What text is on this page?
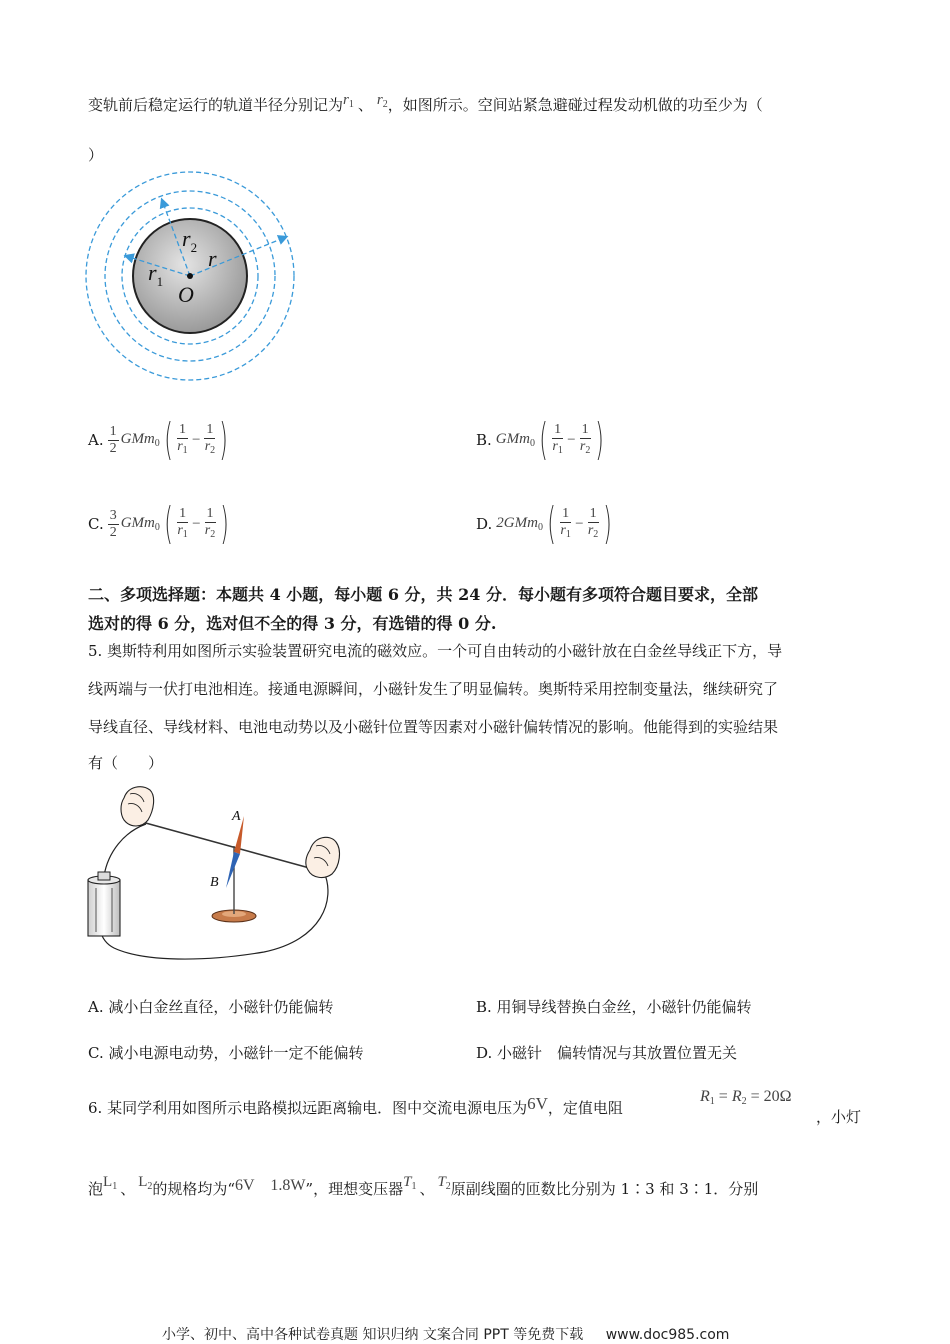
变轨前后稳定运行的轨道半径分别记为$r_1$ 、 $r_2$，如图所示。空间站紧急避碰过程发动机做的功至少为（
）
$r_2$ r
$r_1$
O
A. $\frac{1}{2} GMm_0$ ( $\frac{1}{r_1} - \frac{1}{r_2}$ )	B. GMm$_0$ ( $\frac{1}{r_1} - \frac{1}{r_2}$ )
C. $\frac{3}{2} GMm_0$ ( $\frac{1}{r_1} - \frac{1}{r_2}$ )	D. 2GMm$_0$ ( $\frac{1}{r_1} - \frac{1}{r_2}$ )
二、多项选择题：本题共 4 小题，每小题 6 分，共 24 分．每小题有多项符合题目要求，全部
选对的得 6 分，选对但不全的得 3 分，有选错的得 0 分.
5. 奥斯特利用如图所示实验装置研究电流的磁效应。一个可自由转动的小磁针放在白金丝导线正下方，导
线两端与一伏打电池相连。接通电源瞬间，小磁针发生了明显偏转。奥斯特采用控制变量法，继续研究了
导线直径、导线材料、电池电动势以及小磁针位置等因素对小磁针偏转情况的影响。他能得到的实验结果
有（　　）
A
B
A. 减小白金丝直径，小磁针仍能偏转	B. 用铜导线替换白金丝，小磁针仍能偏转
C. 减小电源电动势，小磁针一定不能偏转	D. 小磁针　偏转情况与其放置位置无关
6. 某同学利用如图所示电路模拟远距离输电．图中交流电源电压为6V，定值电阻
$R_1 = R_2 = 20\Omega$
，小灯
泡$L_1$ 、 $L_2$的规格均为“6V　1.8W”，理想变压器$T_1$ 、 $T_2$原副线圈的匝数比分别为 1∶3 和 3∶1．分别
小学、初中、高中各种试卷真题 知识归纳 文案合同 PPT 等免费下载 www.doc985.com
